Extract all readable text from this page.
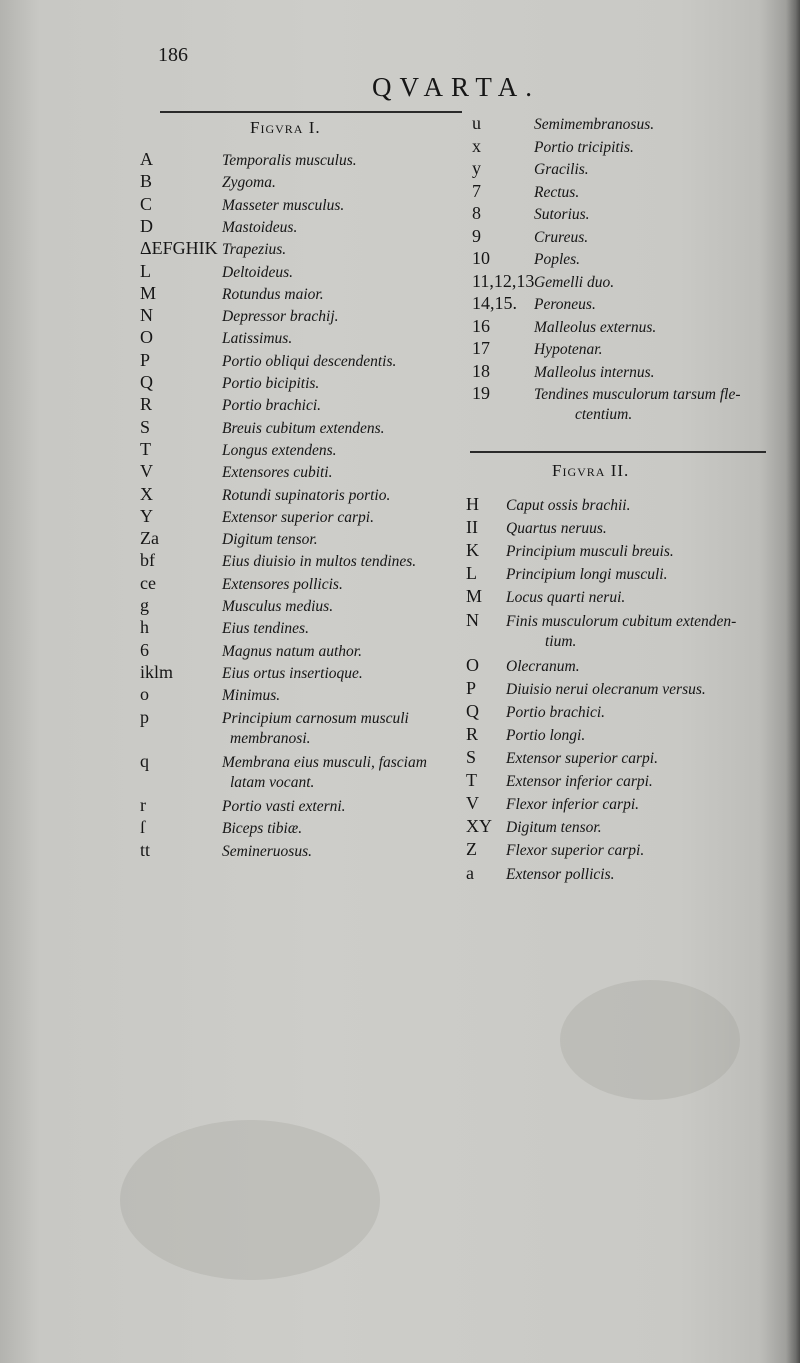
186
QVARTA.
Figvra I.
A	Temporalis musculus.
B	Zygoma.
C	Masseter musculus.
D	Mastoideus.
ΔEFGHIK Trapezius.
L	Deltoideus.
M	Rotundus maior.
N	Depressor brachij.
O	Latissimus.
P	Portio obliqui descendentis.
Q	Portio bicipitis.
R	Portio brachici.
S	Breuis cubitum extendens.
T	Longus extendens.
V	Extensores cubiti.
X	Rotundi supinatoris portio.
Y	Extensor superior carpi.
Za	Digitum tensor.
bf	Eius diuisio in multos tendines.
ce	Extensores pollicis.
g	Musculus medius.
h	Eius tendines.
6	Magnus natum author.
iklm	Eius ortus insertioque.
o	Minimus.
p	Principium carnosum musculi
membranosi.
q	Membrana eius musculi, fasciam
latam vocant.
r	Portio vasti externi.
ſ	Biceps tibiæ.
tt	Semineruosus.
u	Semimembranosus.
x	Portio tricipitis.
y	Gracilis.
7	Rectus.
8	Sutorius.
9	Crureus.
10	Poples.
11,12,13 Gemelli duo.
14,15. Peroneus.
16	Malleolus externus.
17	Hypotenar.
18	Malleolus internus.
19	Tendines musculorum tarsum fle-
ctentium.
Figvra II.
H Caput ossis brachii.
II Quartus neruus.
K Principium musculi breuis.
L Principium longi musculi.
M Locus quarti nerui.
N Finis musculorum cubitum extenden-
tium.
O Olecranum.
P Diuisio nerui olecranum versus.
Q Portio brachici.
R Portio longi.
S Extensor superior carpi.
T Extensor inferior carpi.
V Flexor inferior carpi.
XY Digitum tensor.
Z Flexor superior carpi.
a Extensor pollicis.
